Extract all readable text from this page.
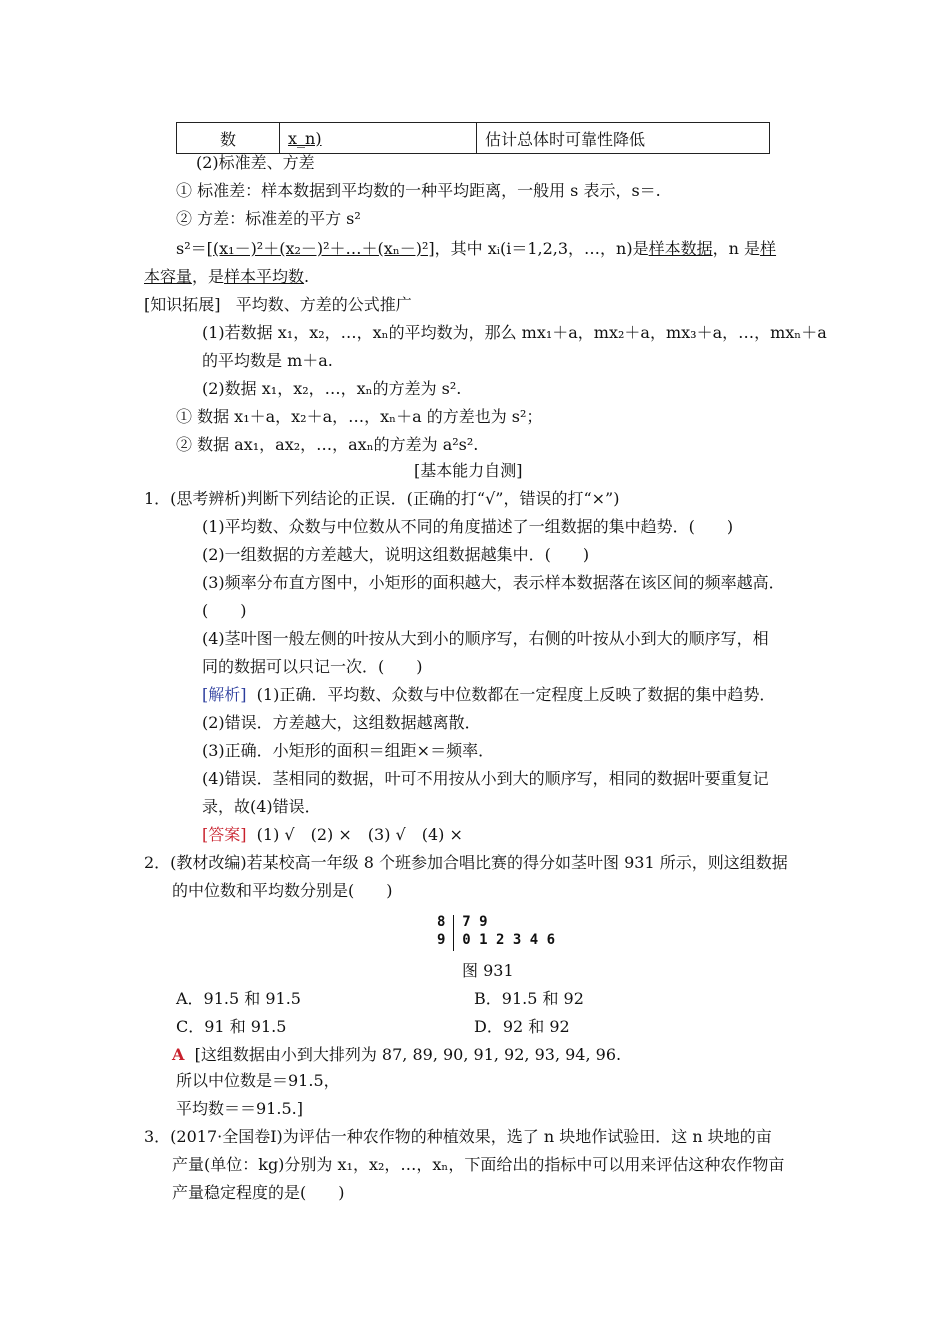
数	x_n)	估计总体时可靠性降低
(2)标准差、方差
① 标准差：样本数据到平均数的一种平均距离，一般用 s 表示，s＝.
② 方差：标准差的平方 s²
s²＝[(x₁－)²＋(x₂－)²＋…＋(xₙ－)²]，其中 xᵢ(i＝1,2,3，…，n)是样本数据，n 是样
本容量，是样本平均数.
[知识拓展] 平均数、方差的公式推广
(1)若数据 x₁，x₂，…，xₙ的平均数为，那么 mx₁＋a，mx₂＋a，mx₃＋a，…，mxₙ＋a
的平均数是 m＋a.
(2)数据 x₁，x₂，…，xₙ的方差为 s².
① 数据 x₁＋a，x₂＋a，…，xₙ＋a 的方差也为 s²；
② 数据 ax₁，ax₂，…，axₙ的方差为 a²s².
[基本能力自测]
1．(思考辨析)判断下列结论的正误．(正确的打“√”，错误的打“×”)
(1)平均数、众数与中位数从不同的角度描述了一组数据的集中趋势．(　　)
(2)一组数据的方差越大，说明这组数据越集中．(　　)
(3)频率分布直方图中，小矩形的面积越大，表示样本数据落在该区间的频率越高．
(　　)
(4)茎叶图一般左侧的叶按从大到小的顺序写，右侧的叶按从小到大的顺序写，相
同的数据可以只记一次．(　　)
[解析] (1)正确．平均数、众数与中位数都在一定程度上反映了数据的集中趋势．
(2)错误．方差越大，这组数据越离散．
(3)正确．小矩形的面积＝组距×＝频率．
(4)错误．茎相同的数据，叶可不用按从小到大的顺序写，相同的数据叶要重复记
录，故(4)错误．
[答案] (1) √　(2) ×　(3) √　(4) ×
2．(教材改编)若某校高一年级 8 个班参加合唱比赛的得分如茎叶图 931 所示，则这组数据
的中位数和平均数分别是(　　)
8 7 9
9 0 1 2 3 4 6
图 931
A．91.5 和 91.5	B．91.5 和 92
C．91 和 91.5	D．92 和 92
A [这组数据由小到大排列为 87, 89, 90, 91, 92, 93, 94, 96.
所以中位数是＝91.5，
平均数＝＝91.5.]
3．(2017·全国卷Ⅰ)为评估一种农作物的种植效果，选了 n 块地作试验田．这 n 块地的亩
产量(单位：kg)分别为 x₁，x₂，…，xₙ，下面给出的指标中可以用来评估这种农作物亩
产量稳定程度的是(　　)
